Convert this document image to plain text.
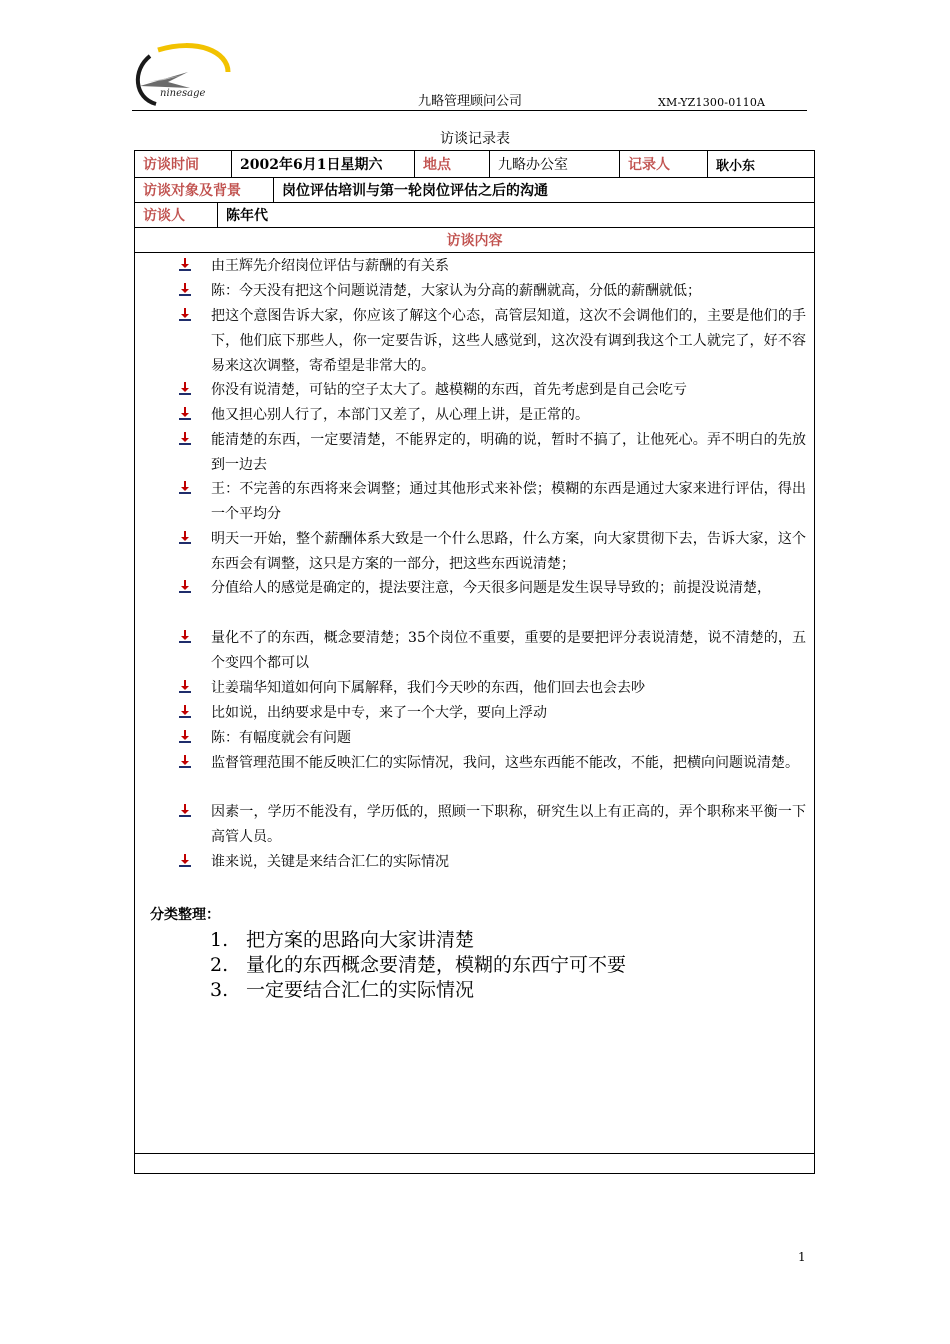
ninesage
九略管理顾问公司	XM-YZ1300-0110A
访谈记录表
访谈时间	2002年6月1日星期六	地点	九略办公室	记录人	耿小东
访谈对象及背景	岗位评估培训与第一轮岗位评估之后的沟通
访谈人	陈年代
访谈内容
由王辉先介绍岗位评估与薪酬的有关系
陈：今天没有把这个问题说清楚，大家认为分高的薪酬就高，分低的薪酬就低；
把这个意图告诉大家，你应该了解这个心态，高管层知道，这次不会调他们的，主要是他们的手下，他们底下那些人，你一定要告诉，这些人感觉到，这次没有调到我这个工人就完了，好不容易来这次调整，寄希望是非常大的。
你没有说清楚，可钻的空子太大了。越模糊的东西，首先考虑到是自己会吃亏
他又担心别人行了，本部门又差了，从心理上讲，是正常的。
能清楚的东西，一定要清楚，不能界定的，明确的说，暂时不搞了，让他死心。弄不明白的先放到一边去
王：不完善的东西将来会调整；通过其他形式来补偿；模糊的东西是通过大家来进行评估，得出一个平均分
明天一开始，整个薪酬体系大致是一个什么思路，什么方案，向大家贯彻下去，告诉大家，这个东西会有调整，这只是方案的一部分，把这些东西说清楚；
分值给人的感觉是确定的，提法要注意，今天很多问题是发生误导导致的；前提没说清楚，
量化不了的东西，概念要清楚；35个岗位不重要，重要的是要把评分表说清楚，说不清楚的，五个变四个都可以
让姜瑞华知道如何向下属解释，我们今天吵的东西，他们回去也会去吵
比如说，出纳要求是中专，来了一个大学，要向上浮动
陈：有幅度就会有问题
监督管理范围不能反映汇仁的实际情况，我问，这些东西能不能改，不能，把横向问题说清楚。
因素一，学历不能没有，学历低的，照顾一下职称，研究生以上有正高的，弄个职称来平衡一下高管人员。
谁来说，关键是来结合汇仁的实际情况
分类整理：
1. 把方案的思路向大家讲清楚
2. 量化的东西概念要清楚，模糊的东西宁可不要
3. 一定要结合汇仁的实际情况
1
